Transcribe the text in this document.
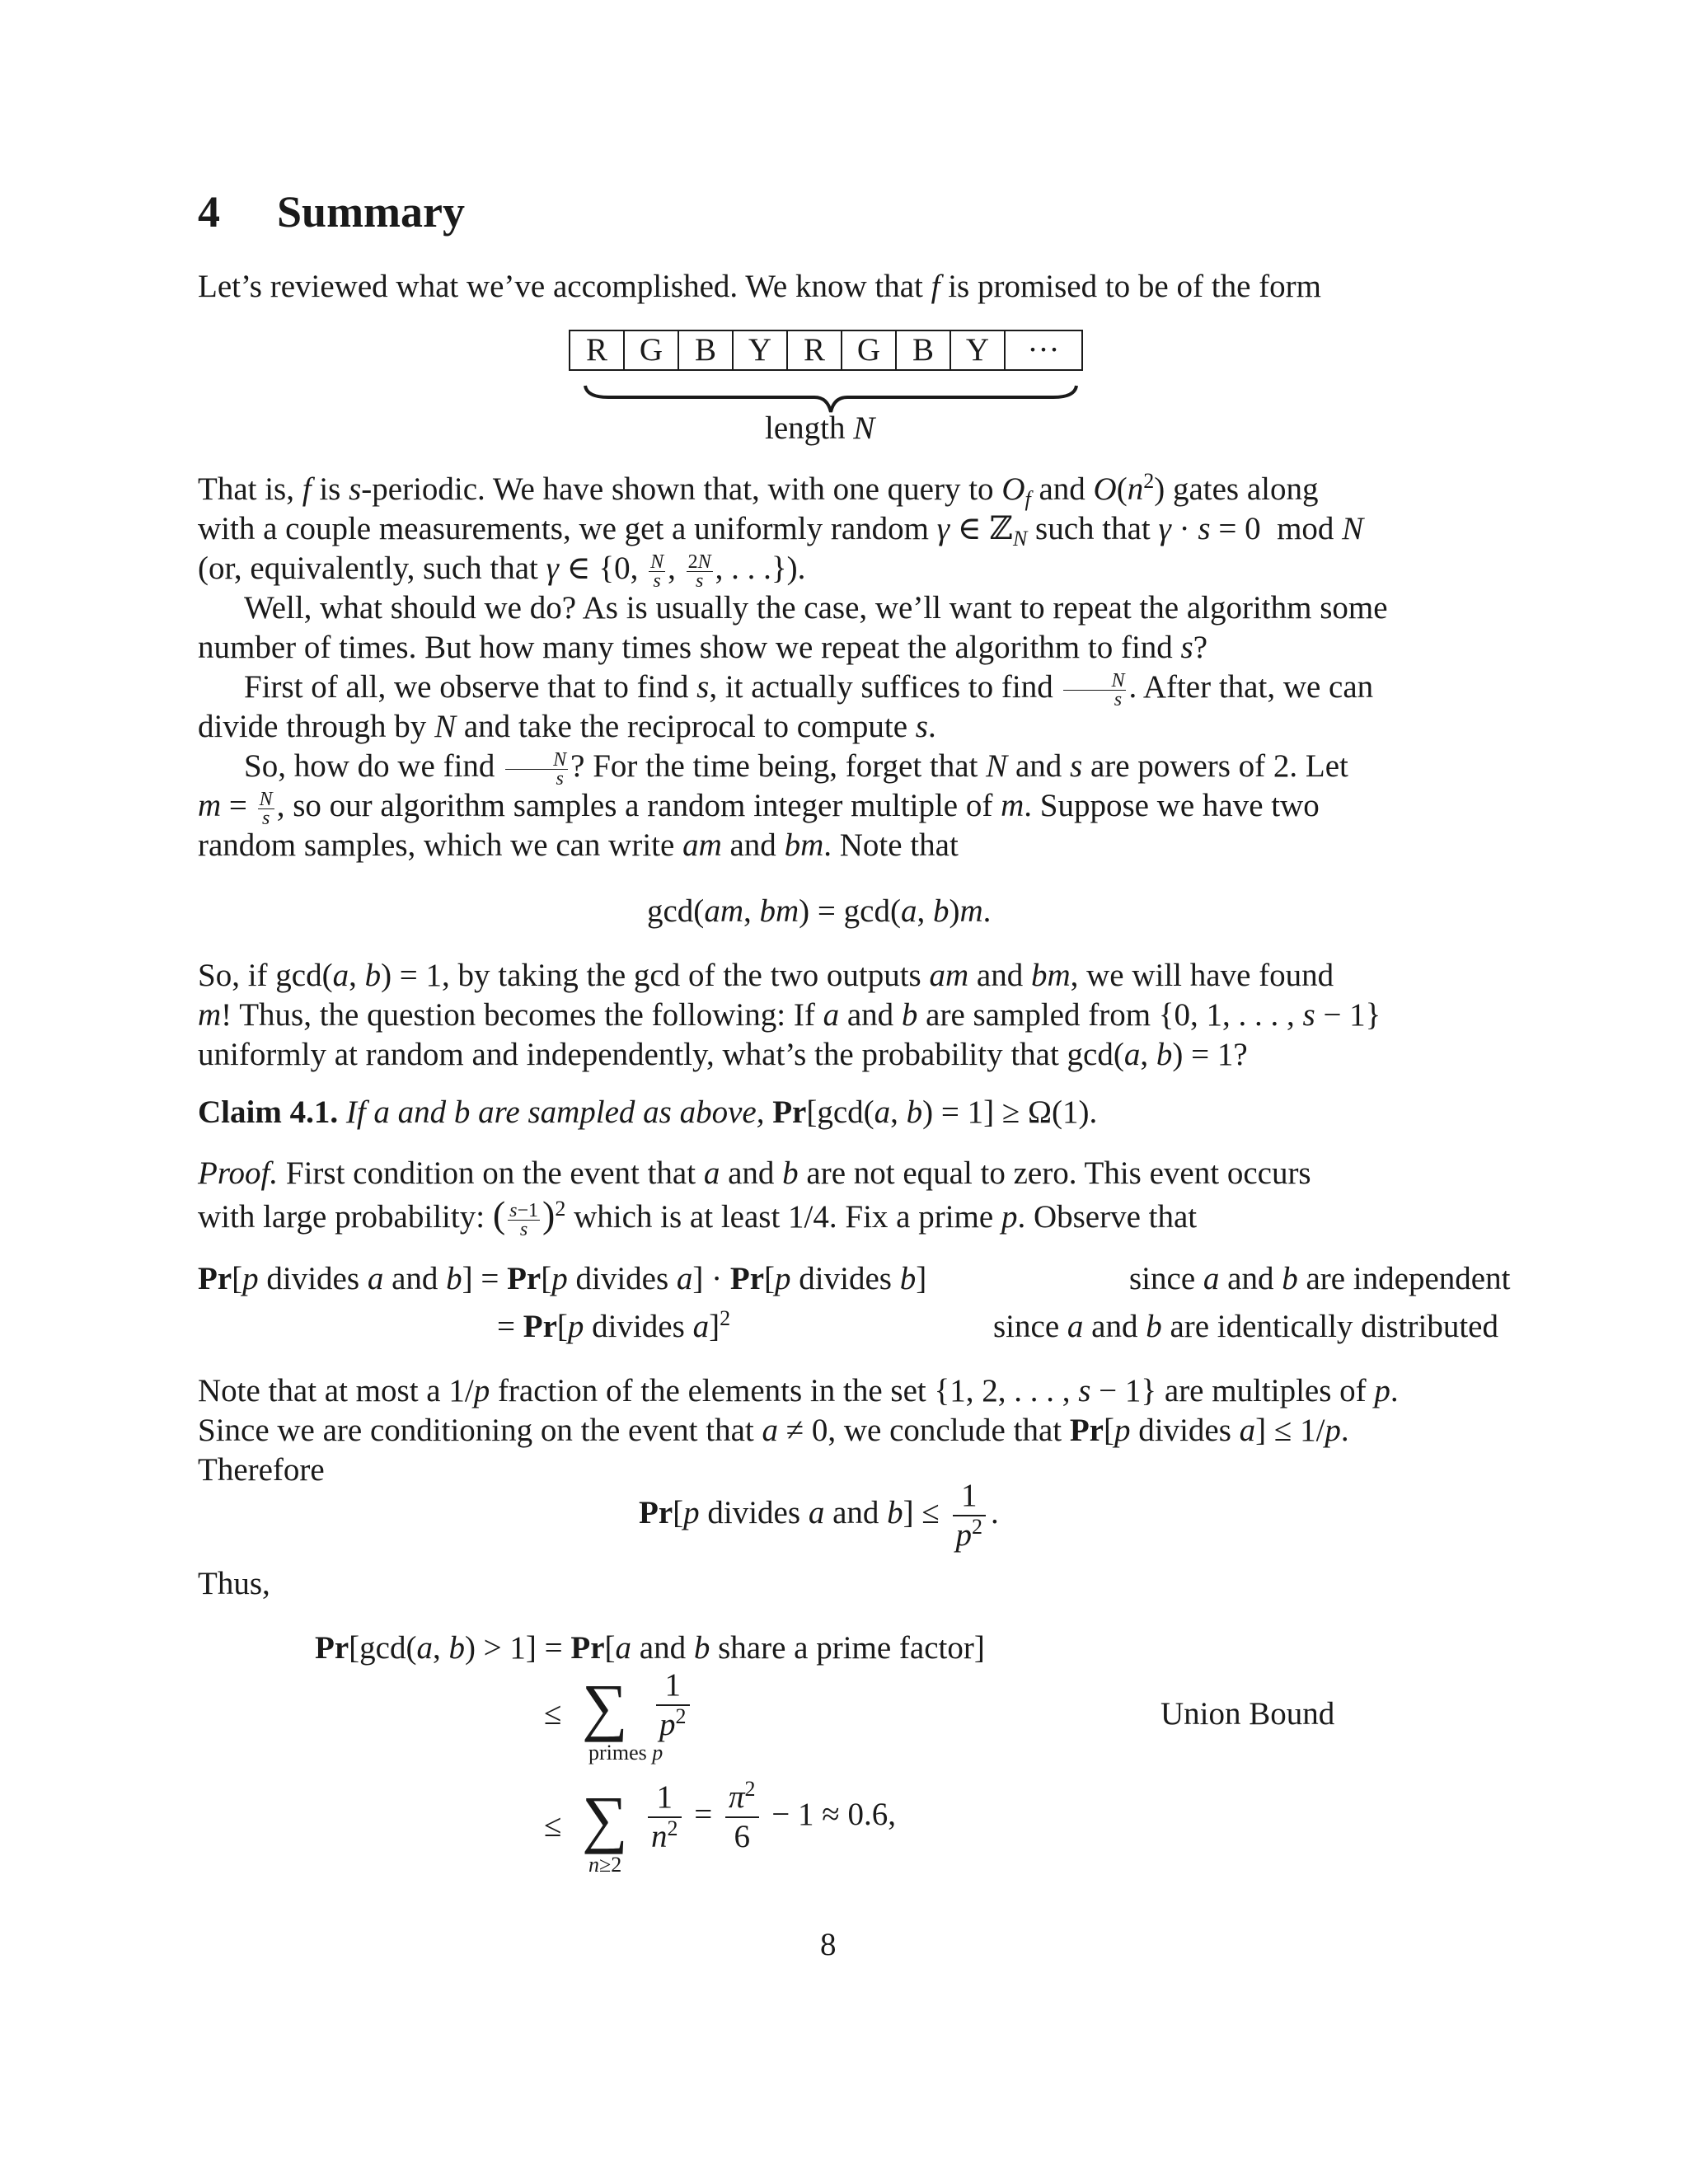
4 Summary
Let’s reviewed what we’ve accomplished. We know that f is promised to be of the form
R	G	B	Y	R	G	B	Y	···
length N
That is, f is s-periodic. We have shown that, with one query to $O_f$ and $O(n^2)$ gates along
with a couple measurements, we get a uniformly random γ ∈ ℤ$_N$ such that γ · s = 0  mod N
(or, equivalently, such that γ ∈ {0, $\frac{N}{s}$ , $\frac{2N}{s}$ , . . .}).
Well, what should we do? As is usually the case, we’ll want to repeat the algorithm some
number of times. But how many times show we repeat the algorithm to find s?
First of all, we observe that to find s, it actually suffices to find $\frac{N}{s}$ . After that, we can
divide through by N and take the reciprocal to compute s.
So, how do we find $\frac{N}{s}$ ? For the time being, forget that N and s are powers of 2. Let
$m = \frac{N}{s}$ , so our algorithm samples a random integer multiple of m. Suppose we have two
random samples, which we can write am and bm. Note that
gcd(am, bm) = gcd(a, b)m.
So, if gcd(a, b) = 1, by taking the gcd of the two outputs am and bm, we will have found
m! Thus, the question becomes the following: If a and b are sampled from {0, 1, . . . , s − 1}
uniformly at random and independently, what’s the probability that gcd(a, b) = 1?
Claim 4.1. If a and b are sampled as above, Pr[gcd(a, b) = 1] ≥ Ω(1).
Proof. First condition on the event that a and b are not equal to zero. This event occurs
with large probability: ( $\frac{s-1}{s} )^2$ which is at least 1/4. Fix a prime p. Observe that
Pr[p divides a and b] = Pr[p divides a] · Pr[p divides b]	since a and b are independent
= Pr[p divides a]$^2$	since a and b are identically distributed
Note that at most a 1/p fraction of the elements in the set {1, 2, . . . , s − 1} are multiples of p.
Since we are conditioning on the event that a ≠ 0, we conclude that Pr[p divides a] ≤ 1/p.
Therefore
Pr[p divides a and $b] \le \frac{1}{p^2}$ .
Thus,
Pr[gcd(a, b) > 1] = Pr[a and b share a prime factor]
≤ ∑
primes p
$\frac{1}{p^2}$	Union Bound
≤ ∑
n≥2
$\frac{1}{n^2} = \frac{\pi^2}{6} - 1 \approx 0.6$,
8
